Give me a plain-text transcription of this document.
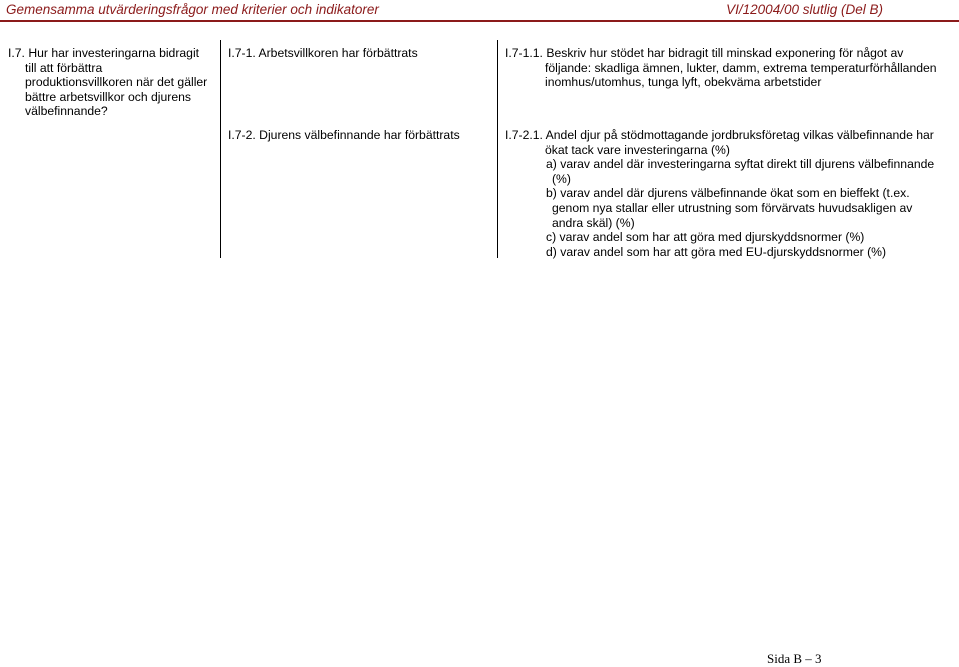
Gemensamma utvärderingsfrågor med kriterier och indikatorer	VI/12004/00 slutlig (Del B)
I.7. Hur har investeringarna bidragit till att förbättra produktionsvillkoren när det gäller bättre arbetsvillkor och djurens välbefinnande?
I.7-1. Arbetsvillkoren har förbättrats
I.7-2. Djurens välbefinnande har förbättrats
I.7-1.1. Beskriv hur stödet har bidragit till minskad exponering för något av följande: skadliga ämnen, lukter, damm, extrema temperaturförhållanden inomhus/utomhus, tunga lyft, obekväma arbetstider
I.7-2.1. Andel djur på stödmottagande jordbruksföretag vilkas välbefinnande har ökat tack vare investeringarna (%)
a) varav andel där investeringarna syftat direkt till djurens välbefinnande (%)
b) varav andel där djurens välbefinnande ökat som en bieffekt (t.ex. genom nya stallar eller utrustning som förvärvats huvudsakligen av andra skäl) (%)
c) varav andel som har att göra med djurskyddsnormer (%)
d) varav andel som har att göra med EU-djurskyddsnormer (%)
Sida B – 3
